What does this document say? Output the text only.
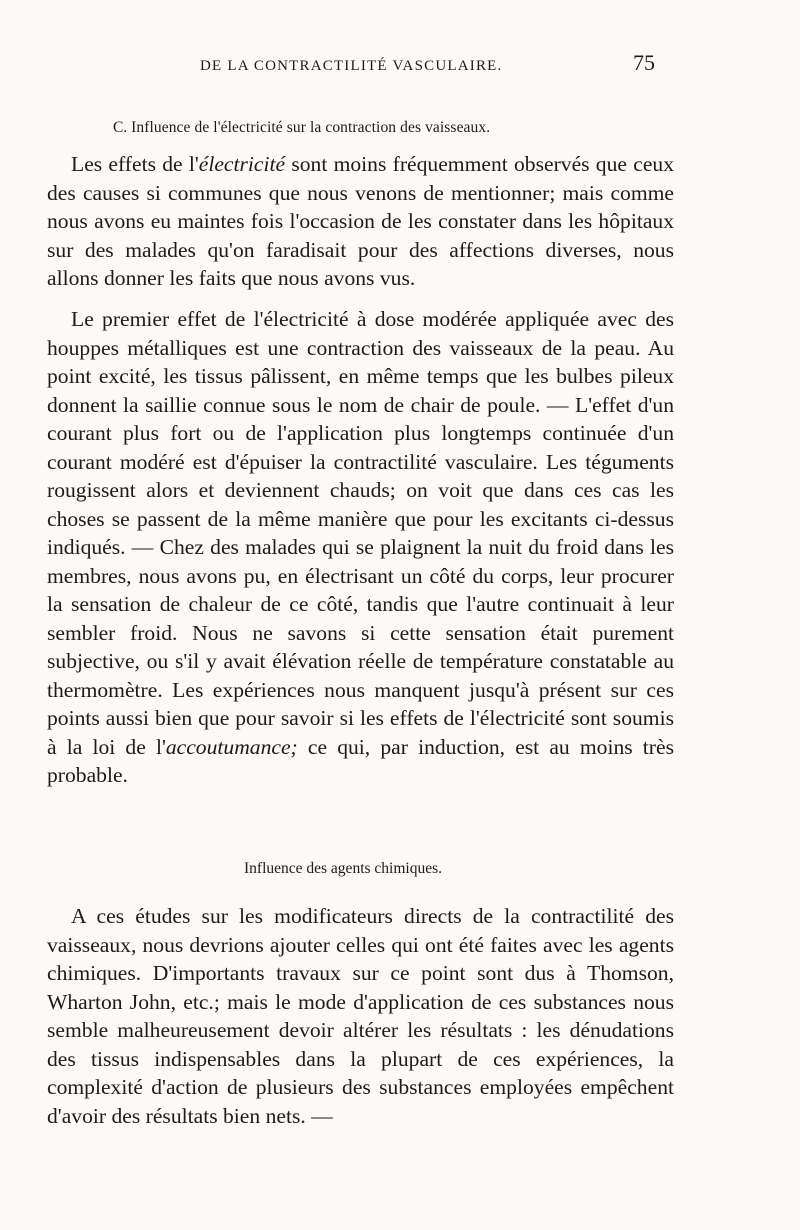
DE LA CONTRACTILITÉ VASCULAIRE.	75
C. Influence de l'électricité sur la contraction des vaisseaux.

Les effets de l'électricité sont moins fréquemment observés que ceux des causes si communes que nous venons de mentionner; mais comme nous avons eu maintes fois l'occasion de les constater dans les hôpitaux sur des malades qu'on faradisait pour des affections diverses, nous allons donner les faits que nous avons vus.

Le premier effet de l'électricité à dose modérée appliquée avec des houppes métalliques est une contraction des vaisseaux de la peau. Au point excité, les tissus pâlissent, en même temps que les bulbes pileux donnent la saillie connue sous le nom de chair de poule. — L'effet d'un courant plus fort ou de l'application plus longtemps continuée d'un courant modéré est d'épuiser la contractilité vasculaire. Les téguments rougissent alors et deviennent chauds; on voit que dans ces cas les choses se passent de la même manière que pour les excitants ci-dessus indiqués. — Chez des malades qui se plaignent la nuit du froid dans les membres, nous avons pu, en électrisant un côté du corps, leur procurer la sensation de chaleur de ce côté, tandis que l'autre continuait à leur sembler froid. Nous ne savons si cette sensation était purement subjective, ou s'il y avait élévation réelle de température constatable au thermomètre. Les expériences nous manquent jusqu'à présent sur ces points aussi bien que pour savoir si les effets de l'électricité sont soumis à la loi de l'accoutumance; ce qui, par induction, est au moins très probable.

Influence des agents chimiques.

A ces études sur les modificateurs directs de la contractilité des vaisseaux, nous devrions ajouter celles qui ont été faites avec les agents chimiques. D'importants travaux sur ce point sont dus à Thomson, Wharton John, etc.; mais le mode d'application de ces substances nous semble malheureusement devoir altérer les résultats : les dénudations des tissus indispensables dans la plupart de ces expériences, la complexité d'action de plusieurs des substances employées empêchent d'avoir des résultats bien nets. —
